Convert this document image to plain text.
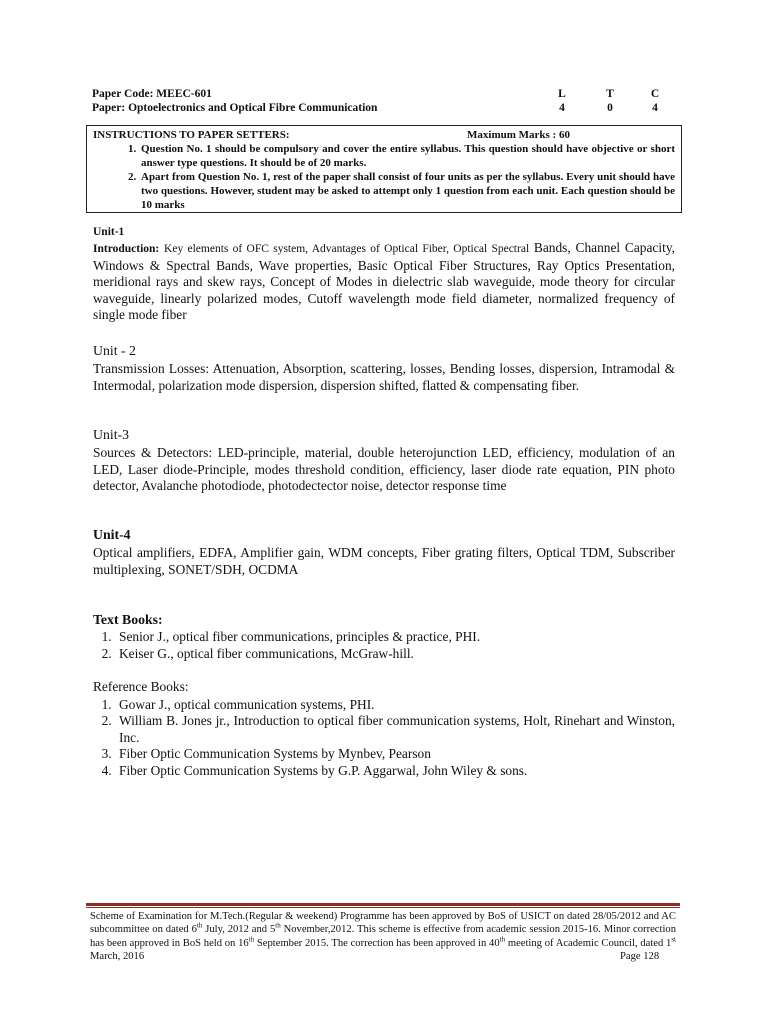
Paper Code: MEEC-601
Paper: Optoelectronics and Optical Fibre Communication
L	T	C
4	0	4
INSTRUCTIONS TO PAPER SETTERS:	Maximum Marks : 60
1. Question No. 1 should be compulsory and cover the entire syllabus. This question should have objective or short answer type questions. It should be of 20 marks.
2. Apart from Question No. 1, rest of the paper shall consist of four units as per the syllabus. Every unit should have two questions. However, student may be asked to attempt only 1 question from each unit. Each question should be 10 marks
Unit-1
Introduction: Key elements of OFC system, Advantages of Optical Fiber, Optical Spectral Bands, Channel Capacity, Windows & Spectral Bands, Wave properties, Basic Optical Fiber Structures, Ray Optics Presentation, meridional rays and skew rays, Concept of Modes in dielectric slab waveguide, mode theory for circular waveguide, linearly polarized modes, Cutoff wavelength mode field diameter, normalized frequency of single mode fiber
Unit - 2
Transmission Losses: Attenuation, Absorption, scattering, losses, Bending losses, dispersion, Intramodal & Intermodal, polarization mode dispersion, dispersion shifted, flatted & compensating fiber.
Unit-3
Sources & Detectors: LED-principle, material, double heterojunction LED, efficiency, modulation of an LED, Laser diode-Principle, modes threshold condition, efficiency, laser diode rate equation, PIN photo detector, Avalanche photodiode, photodectector noise, detector response time
Unit-4
Optical amplifiers, EDFA, Amplifier gain, WDM concepts, Fiber grating filters, Optical TDM, Subscriber multiplexing, SONET/SDH, OCDMA
Text Books:
1. Senior J., optical fiber communications, principles & practice, PHI.
2. Keiser G., optical fiber communications, McGraw-hill.
Reference Books:
1. Gowar J., optical communication systems, PHI.
2. William B. Jones jr., Introduction to optical fiber communication systems, Holt, Rinehart and Winston, Inc.
3. Fiber Optic Communication Systems by Mynbev, Pearson
4. Fiber Optic Communication Systems by G.P. Aggarwal, John Wiley & sons.
Scheme of Examination for M.Tech.(Regular & weekend) Programme has been approved by BoS of USICT on dated 28/05/2012 and AC subcommittee on dated 6th July, 2012 and 5th November,2012. This scheme is effective from academic session 2015-16. Minor correction has been approved in BoS held on 16th September 2015. The correction has been approved in 40th meeting of Academic Council, dated 1st March, 2016	Page 128
